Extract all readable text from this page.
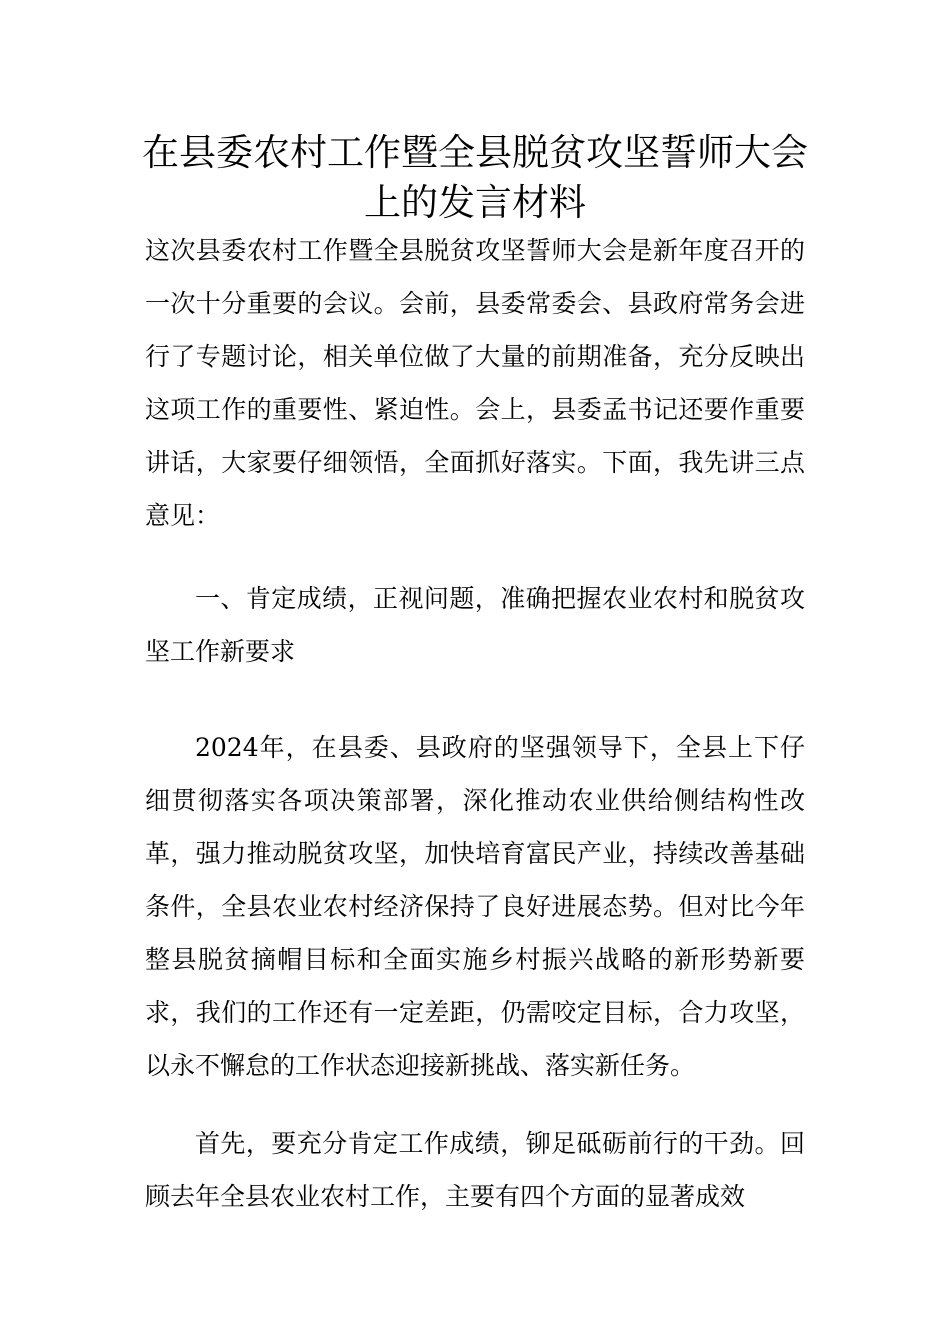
在县委农村工作暨全县脱贫攻坚誓师大会上的发言材料

这次县委农村工作暨全县脱贫攻坚誓师大会是新年度召开的一次十分重要的会议。会前，县委常委会、县政府常务会进行了专题讨论，相关单位做了大量的前期准备，充分反映出这项工作的重要性、紧迫性。会上，县委孟书记还要作重要讲话，大家要仔细领悟，全面抓好落实。下面，我先讲三点意见：

一、肯定成绩，正视问题，准确把握农业农村和脱贫攻坚工作新要求

2024年，在县委、县政府的坚强领导下，全县上下仔细贯彻落实各项决策部署，深化推动农业供给侧结构性改革，强力推动脱贫攻坚，加快培育富民产业，持续改善基础条件，全县农业农村经济保持了良好进展态势。但对比今年整县脱贫摘帽目标和全面实施乡村振兴战略的新形势新要求，我们的工作还有一定差距，仍需咬定目标，合力攻坚，以永不懈怠的工作状态迎接新挑战、落实新任务。

首先，要充分肯定工作成绩，铆足砥砺前行的干劲。回顾去年全县农业农村工作，主要有四个方面的显著成效
